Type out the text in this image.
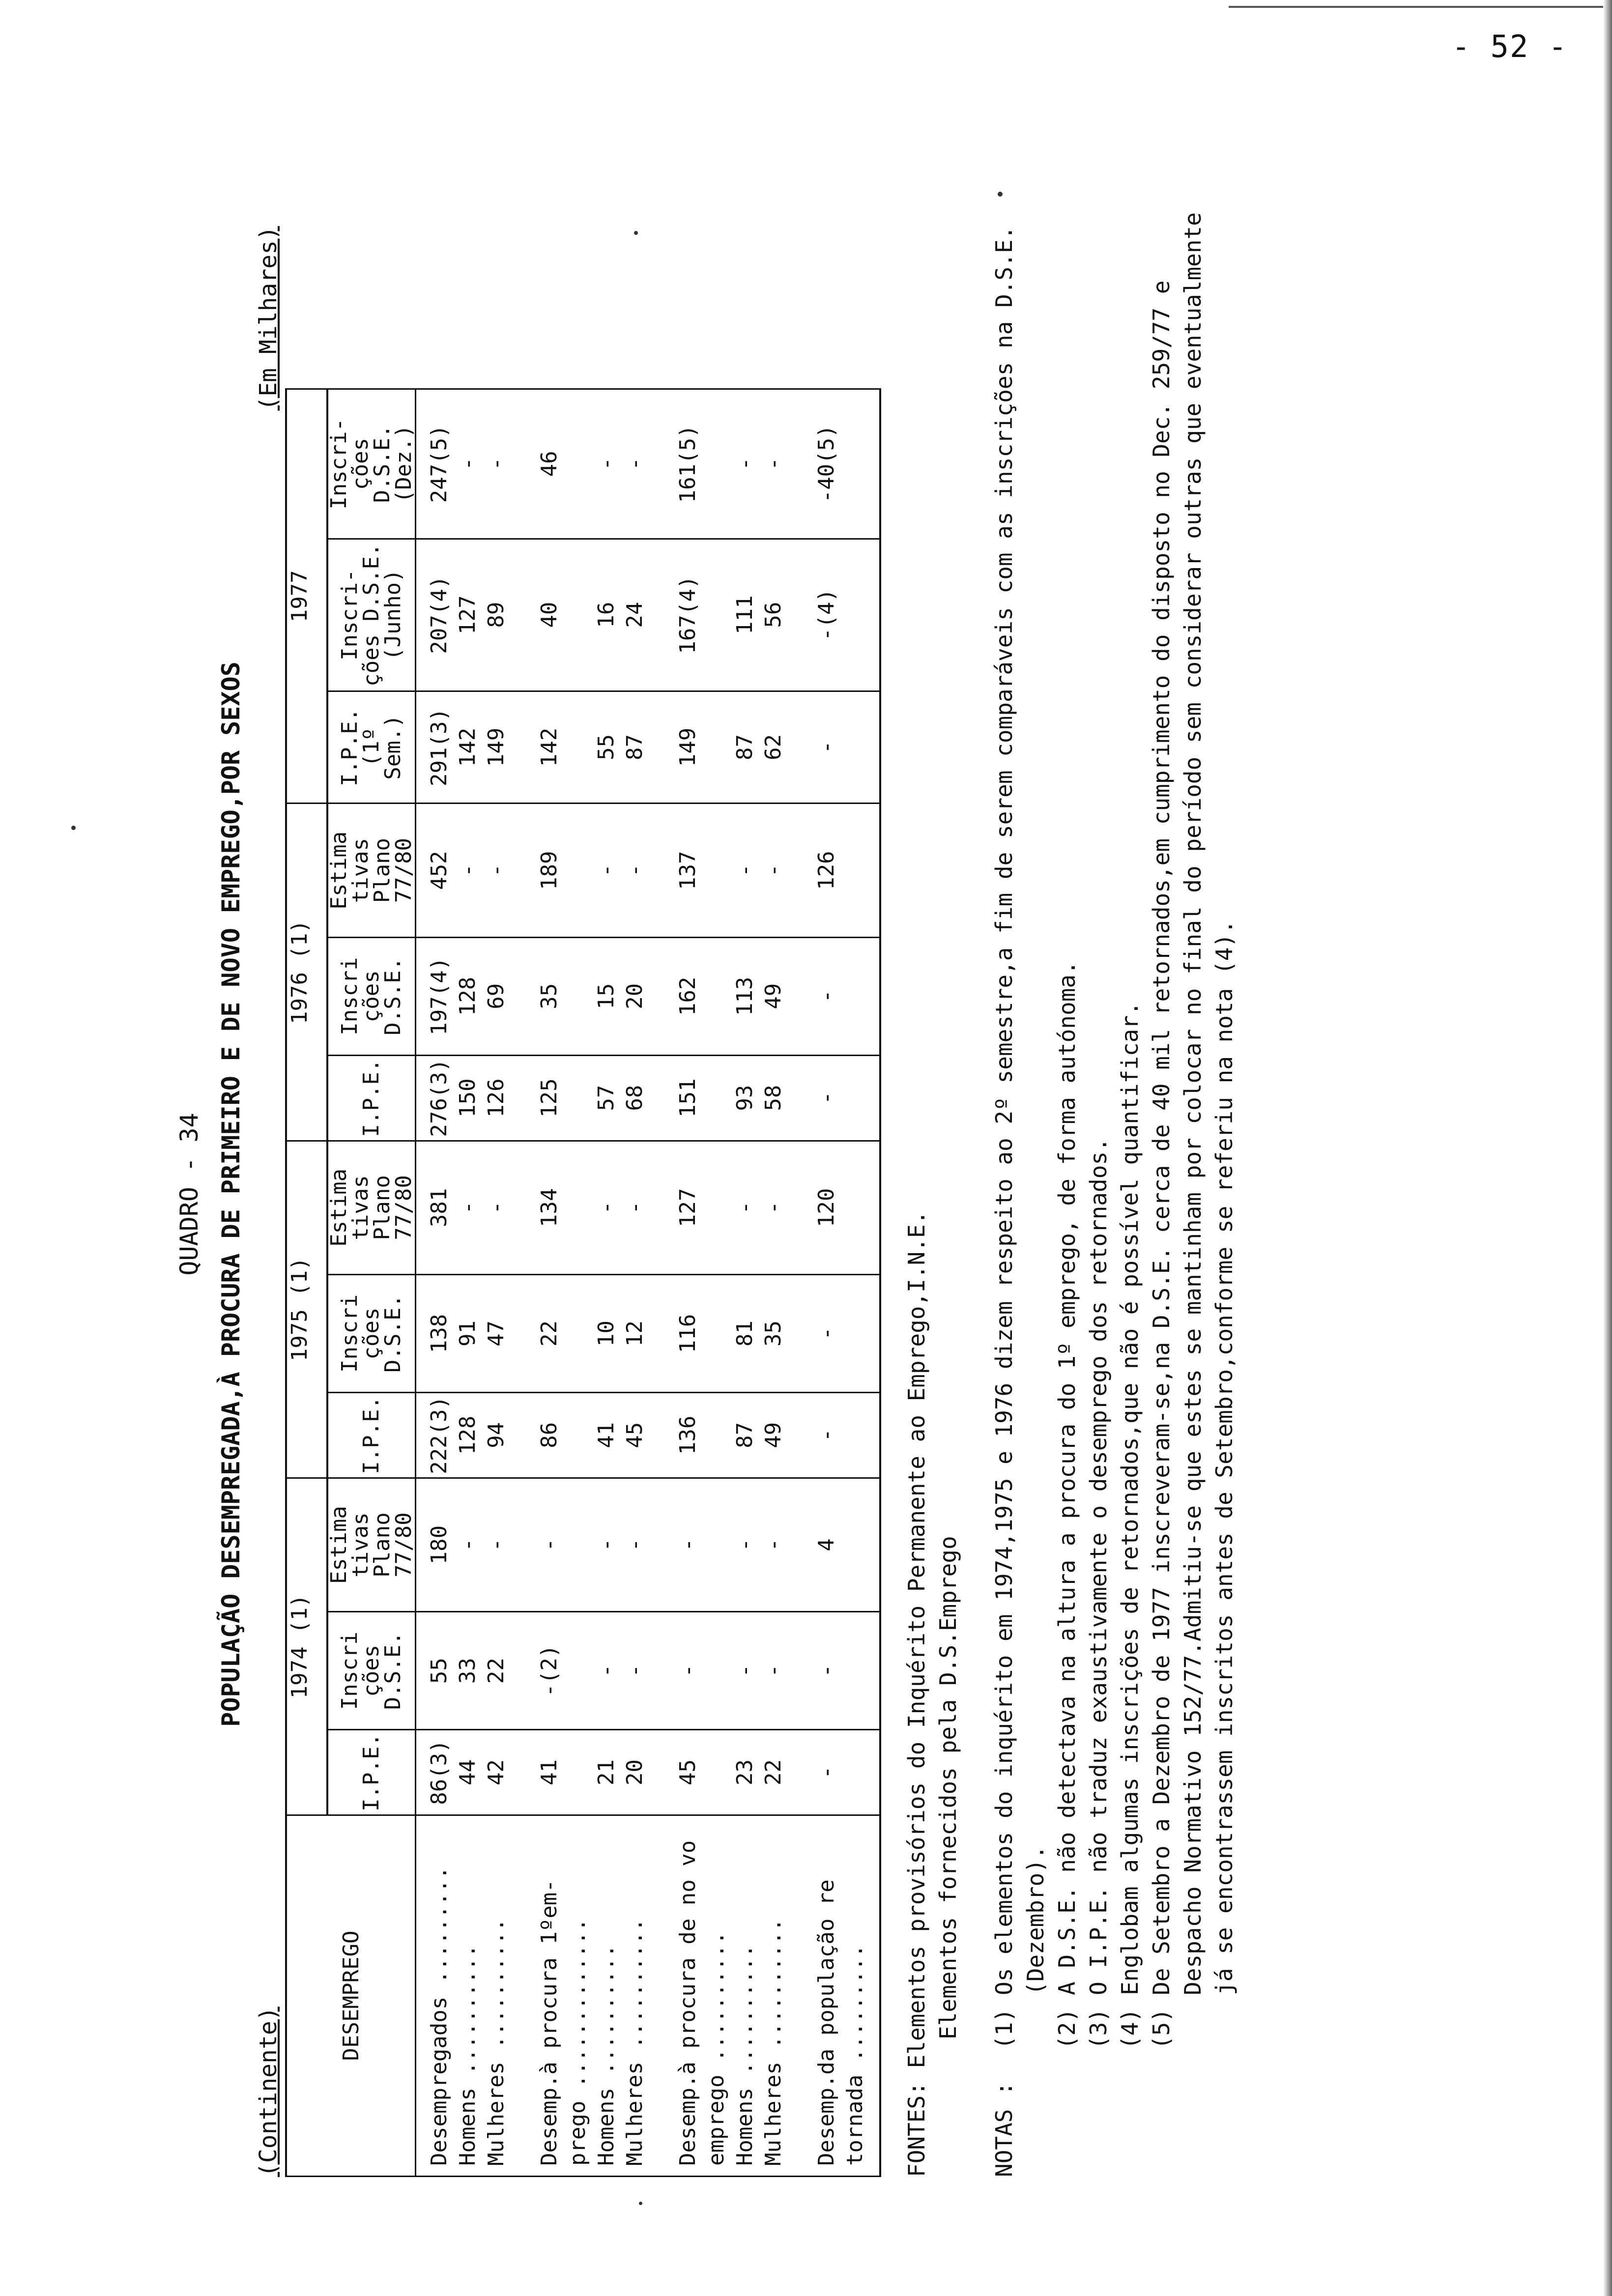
- 52 -
QUADRO - 34 POPULAÇÃO DESEMPREGADA,À PROCURA DE PRIMEIRO E DE NOVO EMPREGO,POR SEXOS
(Continente)
(Em Milhares)
DESEMPREGO	1974 (1)			1975 (1)			1976 (1)			1977		
	I.P.E.	Inscri ções D.S.E.	Estima tivas Plano 77/80	I.P.E.	Inscri ções D.S.E.	Estima tivas Plano 77/80	I.P.E.	Inscri ções D.S.E.	Estima tivas Plano 77/80	I.P.E. (1º Sem.)	Inscri- ções D.S.E. (Junho)	Inscri- ções D.S.E. (Dez.)
Desempregados .........	86(3)	55	180	222(3)	138	381	276(3)	197(4)	452	291(3)	207(4)	247(5)
Homens ..........	44	33	-	128	91	-	150	128	-	142	127	-
Mulheres ..........	42	22	-	94	47	-	126	69	-	149	89	-
Desemp.à procura 1ºem- prego .............	41	-(2)	-	86	22	134	125	35	189	142	40	46
Homens ..........	21	-	-	41	10	-	57	15	-	55	16	-
Mulheres ..........	20	-	-	45	12	-	68	20	-	87	24	-
Desemp.à procura de no vo emprego ..........	45	-	-	136	116	127	151	162	137	149	167(4)	161(5)
Homens ..........	23	-	-	87	81	-	93	113	-	87	111	-
Mulheres ..........	22	-	-	49	35	-	58	49	-	62	56	-
Desemp.da população re tornada .........	-	-	4	-	-	120	-	-	126	-	-(4)	-40(5)
FONTES: Elementos provisórios do Inquérito Permanente ao Emprego,I.N.E. Elementos fornecidos pela D.S.Emprego
NOTAS :
(1)
Os elementos do inquérito em 1974,1975 e 1976 dizem respeito ao 2º semestre,a fim de serem comparáveis com as inscrições na D.S.E. (Dezembro).
(2)
A D.S.E. não detectava na altura a procura do 1º emprego, de forma autónoma.
(3)
O I.P.E. não traduz exaustivamente o desemprego dos retornados.
(4)
Englobam algumas inscrições de retornados,que não é possível quantificar.
(5)
De Setembro a Dezembro de 1977 inscreveram-se,na D.S.E. cerca de 40 mil retornados,em cumprimento do disposto no Dec. 259/77 e Despacho Normativo 152/77.Admitiu-se que estes se mantinham por colocar no final do período sem considerar outras que eventualmente já se encontrassem inscritos antes de Setembro,conforme se referiu na nota (4).
